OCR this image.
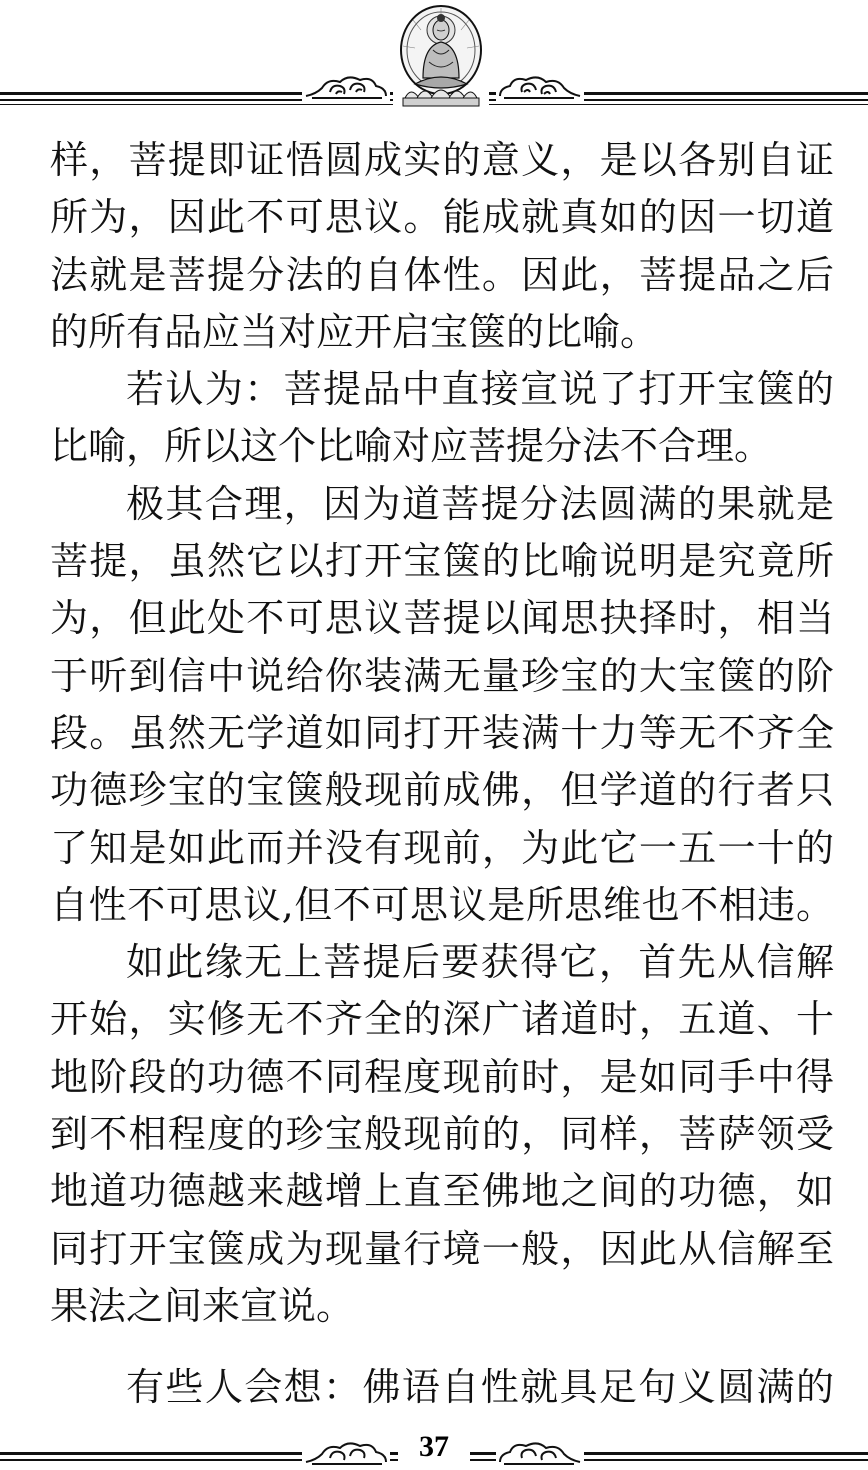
样，菩提即证悟圆成实的意义，是以各别自证
所为，因此不可思议。能成就真如的因一切道
法就是菩提分法的自体性。因此，菩提品之后
的所有品应当对应开启宝箧的比喻。

若认为：菩提品中直接宣说了打开宝箧的
比喻，所以这个比喻对应菩提分法不合理。

极其合理，因为道菩提分法圆满的果就是
菩提，虽然它以打开宝箧的比喻说明是究竟所
为，但此处不可思议菩提以闻思抉择时，相当
于听到信中说给你装满无量珍宝的大宝箧的阶
段。虽然无学道如同打开装满十力等无不齐全
功德珍宝的宝箧般现前成佛，但学道的行者只
了知是如此而并没有现前，为此它一五一十的
自性不可思议,但不可思议是所思维也不相违。

如此缘无上菩提后要获得它，首先从信解
开始，实修无不齐全的深广诸道时，五道、十
地阶段的功德不同程度现前时，是如同手中得
到不相程度的珍宝般现前的，同样，菩萨领受
地道功德越来越增上直至佛地之间的功德，如
同打开宝箧成为现量行境一般，因此从信解至
果法之间来宣说。

有些人会想：佛语自性就具足句义圆满的

37
